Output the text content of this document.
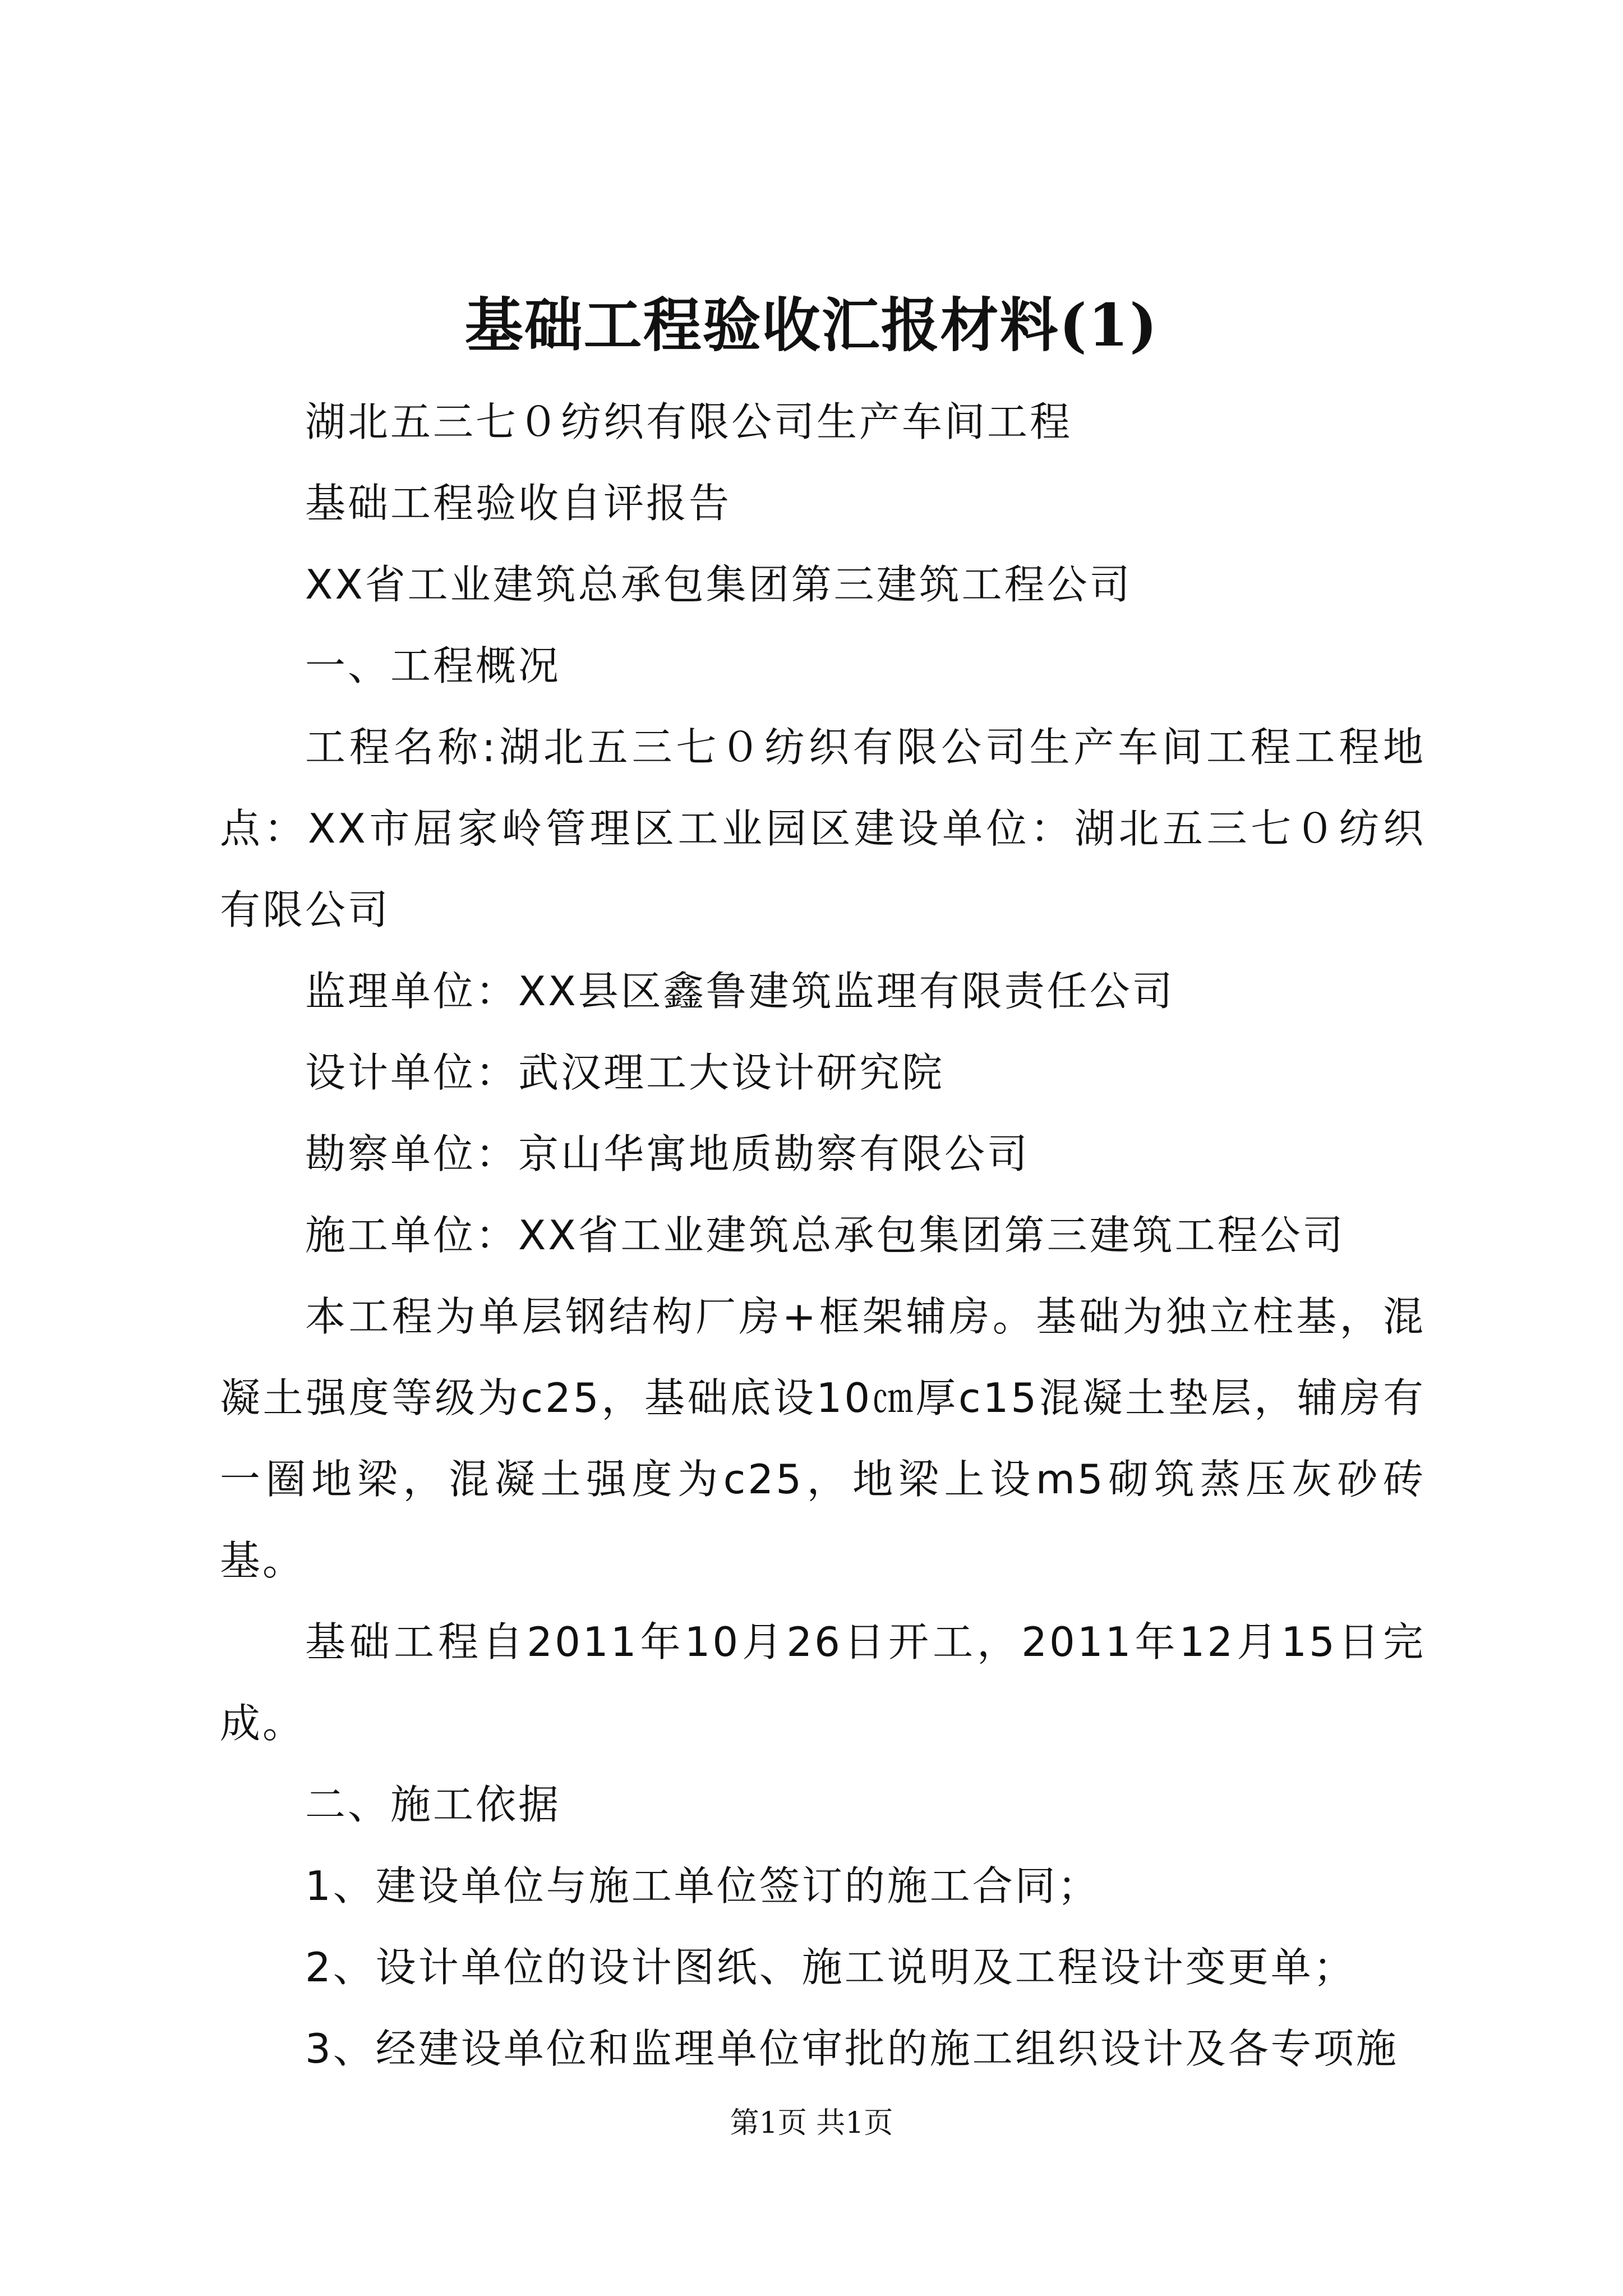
基础工程验收汇报材料(1)

湖北五三七０纺织有限公司生产车间工程

基础工程验收自评报告

XX省工业建筑总承包集团第三建筑工程公司

一、工程概况

工程名称:湖北五三七０纺织有限公司生产车间工程工程地点：XX市屈家岭管理区工业园区建设单位：湖北五三七０纺织有限公司

监理单位：XX县区鑫鲁建筑监理有限责任公司

设计单位：武汉理工大设计研究院

勘察单位：京山华寓地质勘察有限公司

施工单位：XX省工业建筑总承包集团第三建筑工程公司

本工程为单层钢结构厂房+框架辅房。基础为独立柱基，混凝土强度等级为c25，基础底设10㎝厚c15混凝土垫层，辅房有一圈地梁，混凝土强度为c25，地梁上设m5砌筑蒸压灰砂砖基。

基础工程自2011年10月26日开工，2011年12月15日完成。

二、施工依据

1、建设单位与施工单位签订的施工合同；

2、设计单位的设计图纸、施工说明及工程设计变更单；

3、经建设单位和监理单位审批的施工组织设计及各专项施

第1页 共1页
